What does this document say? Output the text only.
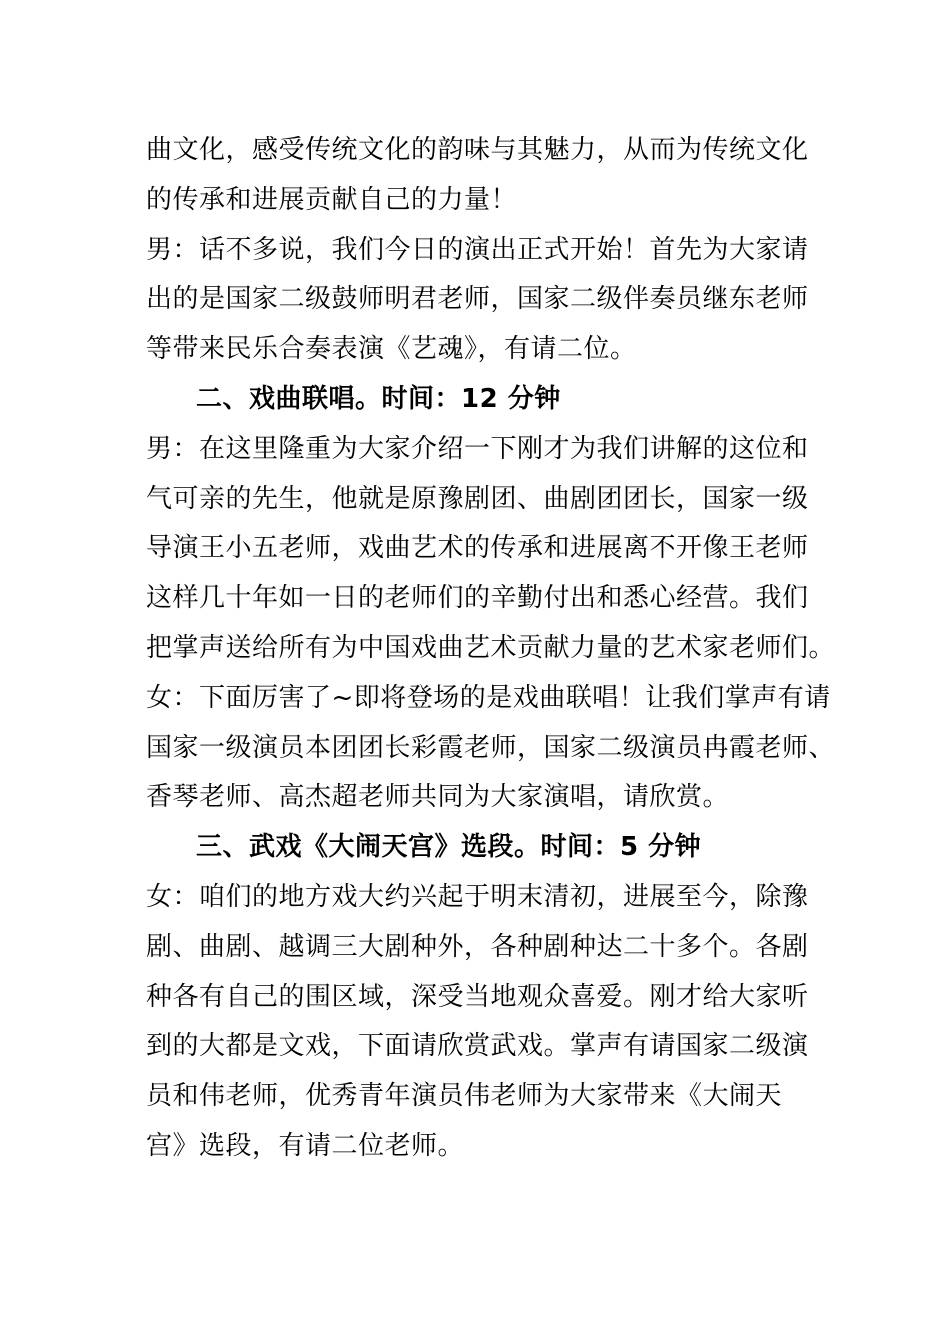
曲文化，感受传统文化的韵味与其魅力，从而为传统文化
的传承和进展贡献自己的力量！
男：话不多说，我们今日的演出正式开始！首先为大家请
出的是国家二级鼓师明君老师，国家二级伴奏员继东老师
等带来民乐合奏表演《艺魂》，有请二位。
二、戏曲联唱。时间：12 分钟
男：在这里隆重为大家介绍一下刚才为我们讲解的这位和
气可亲的先生，他就是原豫剧团、曲剧团团长，国家一级
导演王小五老师，戏曲艺术的传承和进展离不开像王老师
这样几十年如一日的老师们的辛勤付出和悉心经营。我们
把掌声送给所有为中国戏曲艺术贡献力量的艺术家老师们。
女：下面厉害了~即将登场的是戏曲联唱！让我们掌声有请
国家一级演员本团团长彩霞老师，国家二级演员冉霞老师、
香琴老师、高杰超老师共同为大家演唱，请欣赏。
三、武戏《大闹天宫》选段。时间：5 分钟
女：咱们的地方戏大约兴起于明末清初，进展至今，除豫
剧、曲剧、越调三大剧种外，各种剧种达二十多个。各剧
种各有自己的围区域，深受当地观众喜爱。刚才给大家听
到的大都是文戏，下面请欣赏武戏。掌声有请国家二级演
员和伟老师，优秀青年演员伟老师为大家带来《大闹天
宫》选段，有请二位老师。
